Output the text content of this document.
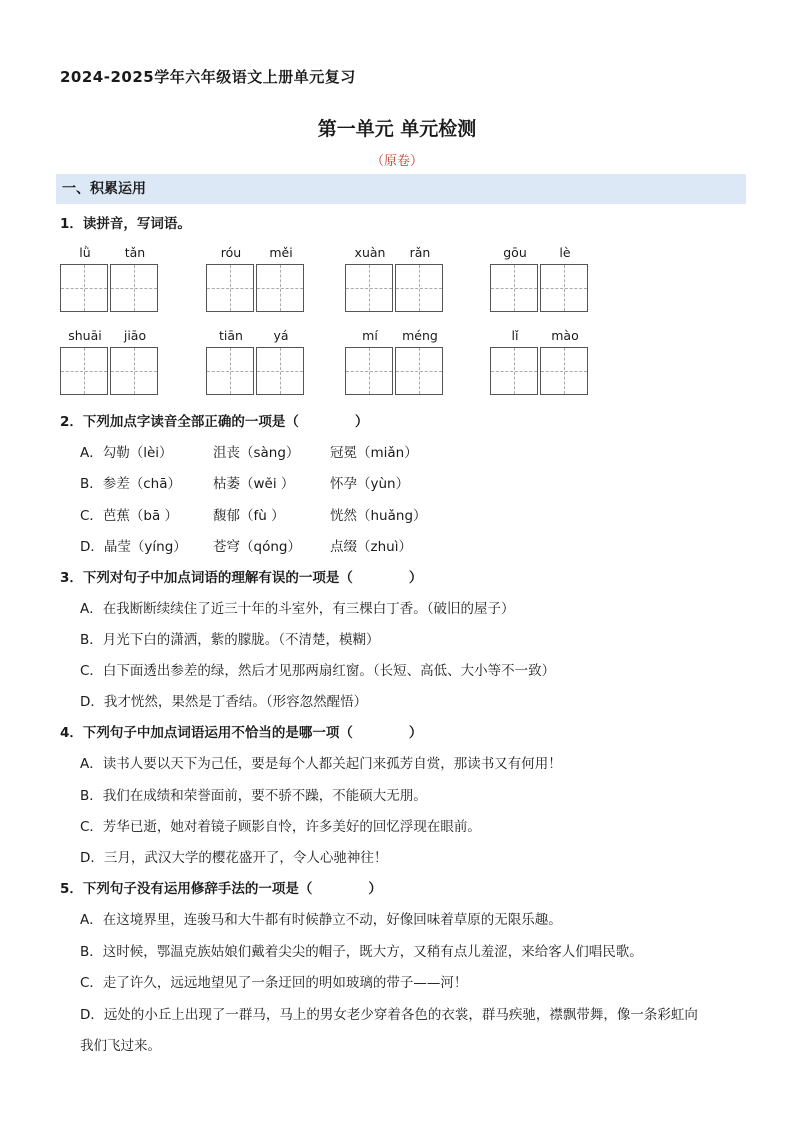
2024-2025学年六年级语文上册单元复习
第一单元 单元检测
（原卷）
一、积累运用
1．读拼音，写词语。
lǜ	tǎn	róu	měi	xuàn	rǎn	gōu	lè
shuāi	jiāo	tiān	yá	mí	méng	lǐ	mào
2．下列加点字读音全部正确的一项是（	）
A．勾勒（lèi）	沮丧（sàng） 冠冕（miǎn）
B．参差（chā） 枯萎（wěi ）	怀孕（yùn）
C．芭蕉（bā ）	馥郁（fù ）	恍然（huǎng）
D．晶莹（yíng） 苍穹（qóng） 点缀（zhuì）
3．下列对句子中加点词语的理解有误的一项是（	）
A．在我断断续续住了近三十年的斗室外，有三棵白丁香。（破旧的屋子）
B．月光下白的潇洒，紫的朦胧。（不清楚，模糊）
C．白下面透出参差的绿，然后才见那两扇红窗。（长短、高低、大小等不一致）
D．我才恍然，果然是丁香结。（形容忽然醒悟）
4．下列句子中加点词语运用不恰当的是哪一项（	）
A．读书人要以天下为己任，要是每个人都关起门来孤芳自赏，那读书又有何用！
B．我们在成绩和荣誉面前，要不骄不躁，不能硕大无朋。
C．芳华已逝，她对着镜子顾影自怜，许多美好的回忆浮现在眼前。
D．三月，武汉大学的樱花盛开了，令人心驰神往！
5．下列句子没有运用修辞手法的一项是（	）
A．在这境界里，连骏马和大牛都有时候静立不动，好像回味着草原的无限乐趣。
B．这时候，鄂温克族姑娘们戴着尖尖的帽子，既大方，又稍有点儿羞涩，来给客人们唱民歌。
C．走了许久，远远地望见了一条迂回的明如玻璃的带子——河！
D．远处的小丘上出现了一群马，马上的男女老少穿着各色的衣裳，群马疾驰，襟飘带舞，像一条彩虹向
我们飞过来。
